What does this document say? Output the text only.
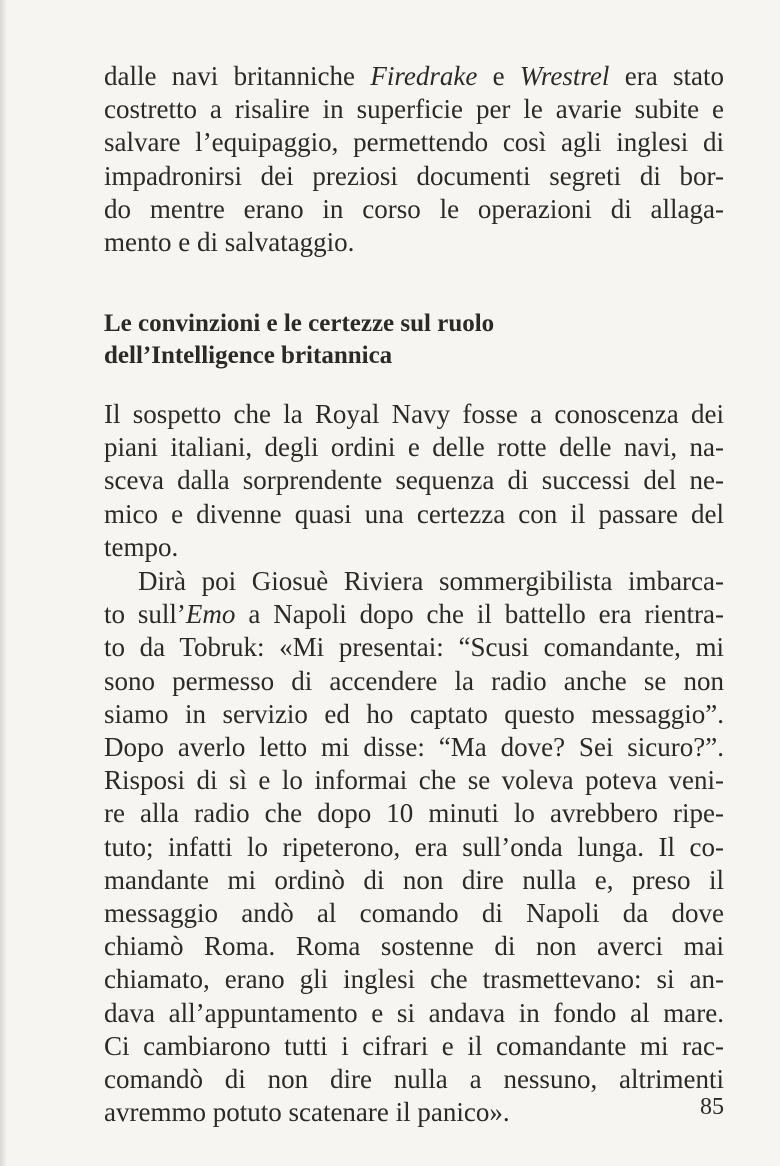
dalle navi britanniche Firedrake e Wrestrel era stato
costretto a risalire in superficie per le avarie subite e
salvare l’equipaggio, permettendo così agli inglesi di
impadronirsi dei preziosi documenti segreti di bor-
do mentre erano in corso le operazioni di allaga-
mento e di salvataggio.
Le convinzioni e le certezze sul ruolo
dell’Intelligence britannica
Il sospetto che la Royal Navy fosse a conoscenza dei
piani italiani, degli ordini e delle rotte delle navi, na-
sceva dalla sorprendente sequenza di successi del ne-
mico e divenne quasi una certezza con il passare del
tempo.
Dirà poi Giosuè Riviera sommergibilista imbarca-
to sull’Emo a Napoli dopo che il battello era rientra-
to da Tobruk: «Mi presentai: “Scusi comandante, mi
sono permesso di accendere la radio anche se non
siamo in servizio ed ho captato questo messaggio”.
Dopo averlo letto mi disse: “Ma dove? Sei sicuro?”.
Risposi di sì e lo informai che se voleva poteva veni-
re alla radio che dopo 10 minuti lo avrebbero ripe-
tuto; infatti lo ripeterono, era sull’onda lunga. Il co-
mandante mi ordinò di non dire nulla e, preso il
messaggio andò al comando di Napoli da dove
chiamò Roma. Roma sostenne di non averci mai
chiamato, erano gli inglesi che trasmettevano: si an-
dava all’appuntamento e si andava in fondo al mare.
Ci cambiarono tutti i cifrari e il comandante mi rac-
comandò di non dire nulla a nessuno, altrimenti
avremmo potuto scatenare il panico».	85
